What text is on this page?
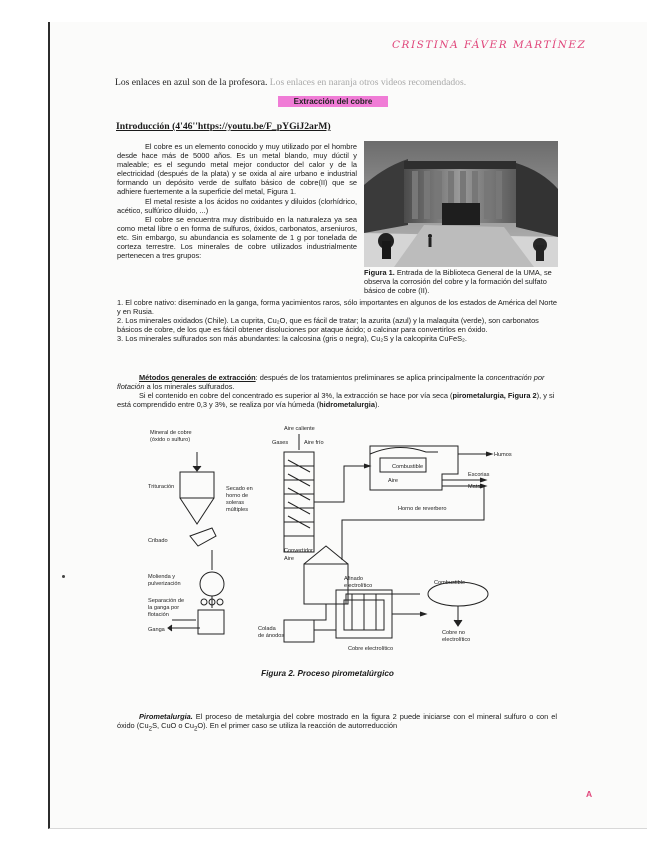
CRISTINA FÁVER MARTÍNEZ
Los enlaces en azul son de la profesora. Los enlaces en naranja otros videos recomendados.
Extracción del cobre
Introducción (4'46''https://youtu.be/F_pYGiJ2arM)
El cobre es un elemento conocido y muy utilizado por el hombre desde hace más de 5000 años. Es un metal blando, muy dúctil y maleable; es el segundo metal mejor conductor del calor y de la electricidad (después de la plata) y se oxida al aire urbano e industrial formando un depósito verde de sulfato básico de cobre(II) que se adhiere fuertemente a la superficie del metal, Figura 1.
El metal resiste a los ácidos no oxidantes y diluidos (clorhídrico, acético, sulfúrico diluido, ...)
El cobre se encuentra muy distribuido en la naturaleza ya sea como metal libre o en forma de sulfuros, óxidos, carbonatos, arseniuros, etc. Sin embargo, su abundancia es solamente de 1 g por tonelada de corteza terrestre. Los minerales de cobre utilizados industrialmente pertenecen a tres grupos:
Figura 1. Entrada de la Biblioteca General de la UMA, se observa la corrosión del cobre y la formación del sulfato básico de cobre (II).
1. El cobre nativo: diseminado en la ganga, forma yacimientos raros, sólo importantes en algunos de los estados de América del Norte y en Rusia.
2. Los minerales oxidados (Chile). La cuprita, Cu₂O, que es fácil de tratar; la azurita (azul) y la malaquita (verde), son carbonatos básicos de cobre, de los que es fácil obtener disoluciones por ataque ácido; o calcinar para convertirlos en óxido.
3. Los minerales sulfurados son más abundantes: la calcosina (gris o negra), Cu₂S y la calcopirita CuFeS₂.
Métodos generales de extracción: después de los tratamientos preliminares se aplica principalmente la concentración por flotación a los minerales sulfurados.
Si el contenido en cobre del concentrado es superior al 3%, la extracción se hace por vía seca (pirometalurgia, Figura 2), y si está comprendido entre 0,3 y 3%, se realiza por vía húmeda (hidrometalurgia).
Mineral de cobre
(óxido o sulfuro)
Trituración
Cribado
Molienda y
pulverización
Separación de
la ganga por
flotación
Ganga
Secado en
horno de
soleras
múltiples
Aire caliente
Gases	Aire frío
Humos
Combustible
Aire
Escorias
Mata
Horno de reverbero
Convertidor
Aire
Afinado
electrolítico	Combustible
Colada
de ánodos	Cobre no
electrolítico
Cobre electrolítico
Figura 2. Proceso pirometalúrgico
Pirometalurgia. El proceso de metalurgia del cobre mostrado en la figura 2 puede iniciarse con el mineral sulfuro o con el óxido ($Cu_2S$, CuO o $Cu_2O$). En el primer caso se utiliza la reacción de autorreducción
A
